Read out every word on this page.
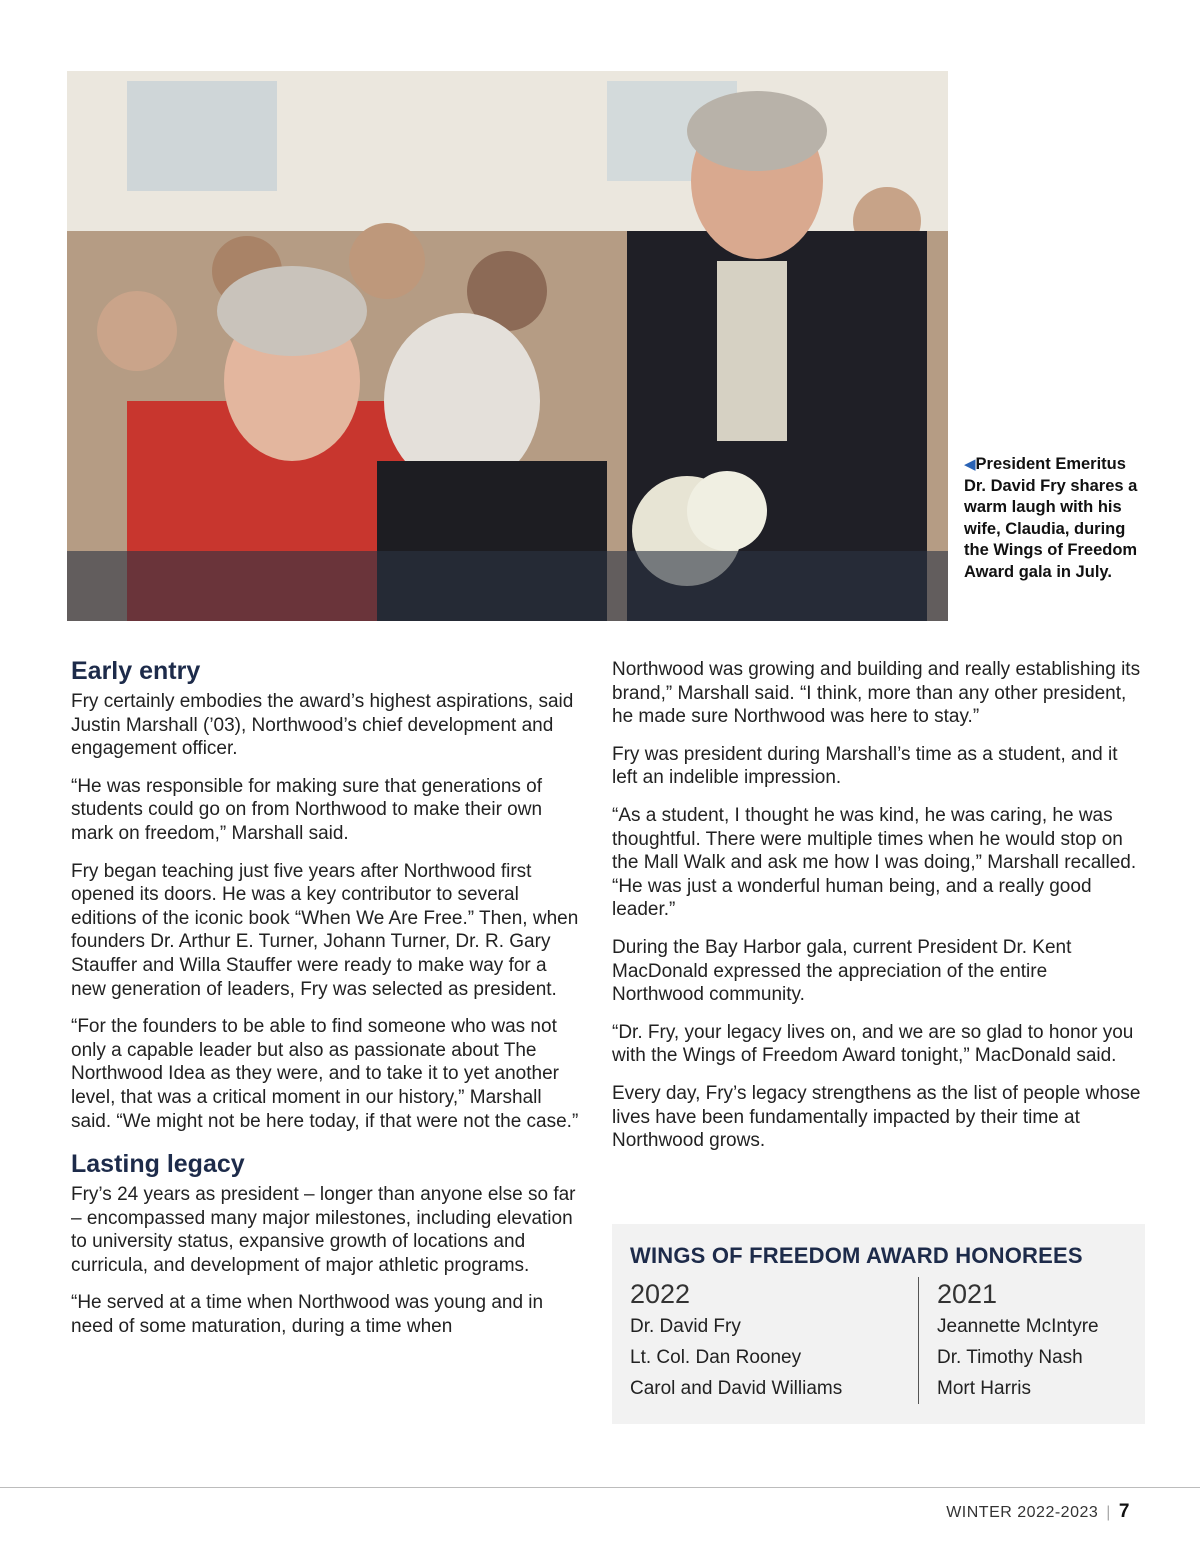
◀President Emeritus Dr. David Fry shares a warm laugh with his wife, Claudia, during the Wings of Freedom Award gala in July.
Early entry

Fry certainly embodies the award’s highest aspirations, said Justin Marshall (’03), Northwood’s chief development and engagement officer.

“He was responsible for making sure that generations of students could go on from Northwood to make their own mark on freedom,” Marshall said.

Fry began teaching just five years after Northwood first opened its doors. He was a key contributor to several editions of the iconic book “When We Are Free.” Then, when founders Dr. Arthur E. Turner, Johann Turner, Dr. R. Gary Stauffer and Willa Stauffer were ready to make way for a new generation of leaders, Fry was selected as president.

“For the founders to be able to find someone who was not only a capable leader but also as passionate about The Northwood Idea as they were, and to take it to yet another level, that was a critical moment in our history,” Marshall said. “We might not be here today, if that were not the case.”

Lasting legacy

Fry’s 24 years as president – longer than anyone else so far – encompassed many major milestones, including elevation to university status, expansive growth of locations and curricula, and development of major athletic programs.

“He served at a time when Northwood was young and in need of some maturation, during a time when

Northwood was growing and building and really establishing its brand,” Marshall said. “I think, more than any other president, he made sure Northwood was here to stay.”

Fry was president during Marshall’s time as a student, and it left an indelible impression.

“As a student, I thought he was kind, he was caring, he was thoughtful. There were multiple times when he would stop on the Mall Walk and ask me how I was doing,” Marshall recalled. “He was just a wonderful human being, and a really good leader.”

During the Bay Harbor gala, current President Dr. Kent MacDonald expressed the appreciation of the entire Northwood community.

“Dr. Fry, your legacy lives on, and we are so glad to honor you with the Wings of Freedom Award tonight,” MacDonald said.

Every day, Fry’s legacy strengthens as the list of people whose lives have been fundamentally impacted by their time at Northwood grows.

WINGS OF FREEDOM AWARD HONOREES
2022
Dr. David Fry
Lt. Col. Dan Rooney
Carol and David Williams
2021
Jeannette McIntyre
Dr. Timothy Nash
Mort Harris
WINTER 2022-2023 | 7
